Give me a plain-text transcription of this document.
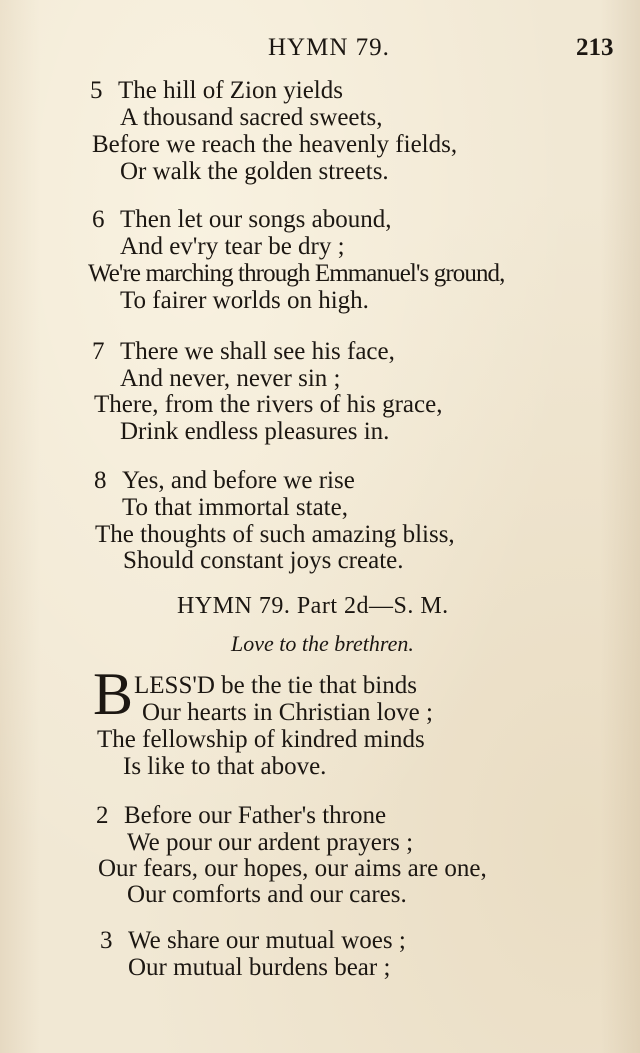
HYMN 79.	213
5 The hill of Zion yields
A thousand sacred sweets,
Before we reach the heavenly fields,
Or walk the golden streets.
6 Then let our songs abound,
And ev'ry tear be dry ;
We're marching through Emmanuel's ground,
To fairer worlds on high.
7 There we shall see his face,
And never, never sin ;
There, from the rivers of his grace,
Drink endless pleasures in.
8 Yes, and before we rise
To that immortal state,
The thoughts of such amazing bliss,
Should constant joys create.
HYMN 79. Part 2d—S. M.
Love to the brethren.
B LESS'D be the tie that binds
Our hearts in Christian love ;
The fellowship of kindred minds
Is like to that above.
2 Before our Father's throne
We pour our ardent prayers ;
Our fears, our hopes, our aims are one,
Our comforts and our cares.
3 We share our mutual woes ;
Our mutual burdens bear ;
